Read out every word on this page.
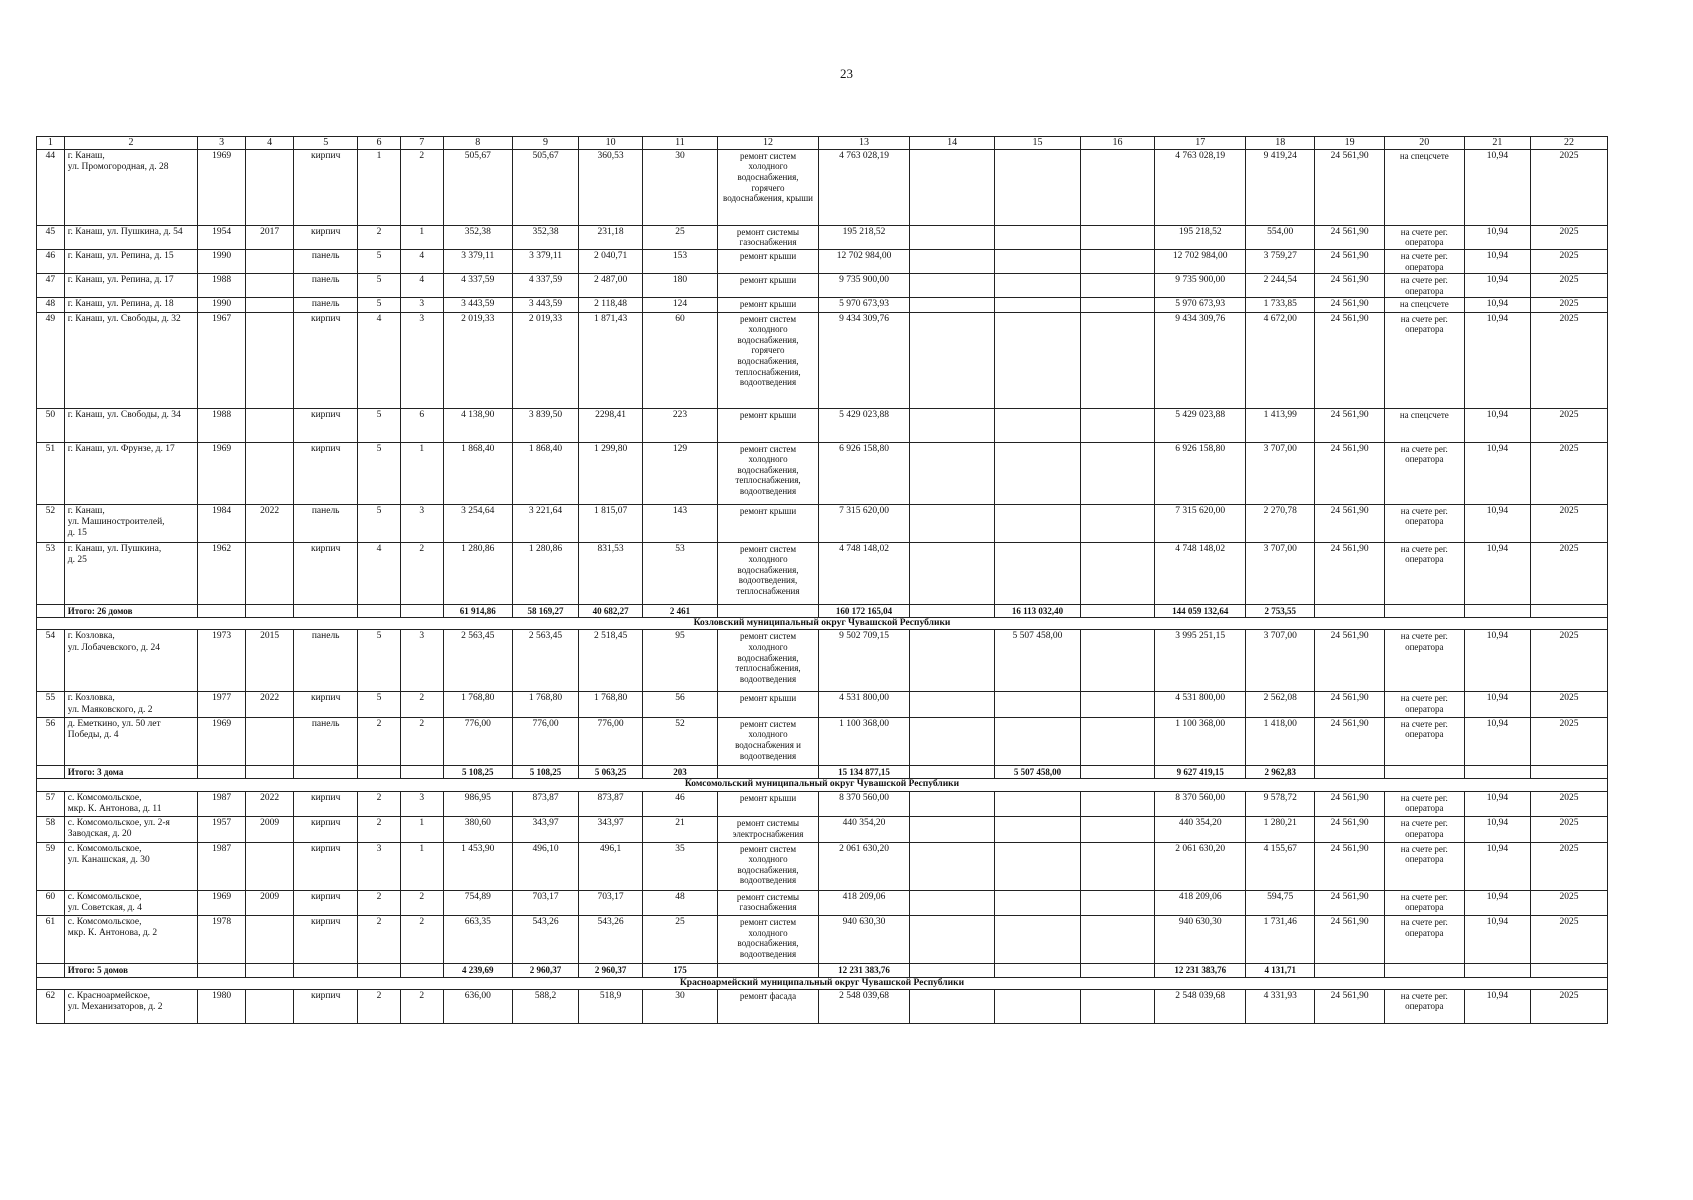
23
1	2	3	4	5	6	7	8	9	10	11	12	13	14	15	16	17	18	19	20	21	22
44	г. Канаш,
ул. Промогородная, д. 28	1969		кирпич	1	2	505,67	505,67	360,53	30	ремонт систем холодного водоснабжения, горячего водоснабжения, крыши	4 763 028,19				4 763 028,19	9 419,24	24 561,90	на спецсчете	10,94	2025
45	г. Канаш, ул. Пушкина, д. 54	1954	2017	кирпич	2	1	352,38	352,38	231,18	25	ремонт системы газоснабжения	195 218,52				195 218,52	554,00	24 561,90	на счете рег. оператора	10,94	2025
46	г. Канаш, ул. Репина, д. 15	1990		панель	5	4	3 379,11	3 379,11	2 040,71	153	ремонт крыши	12 702 984,00				12 702 984,00	3 759,27	24 561,90	на счете рег. оператора	10,94	2025
47	г. Канаш, ул. Репина, д. 17	1988		панель	5	4	4 337,59	4 337,59	2 487,00	180	ремонт крыши	9 735 900,00				9 735 900,00	2 244,54	24 561,90	на счете рег. оператора	10,94	2025
48	г. Канаш, ул. Репина, д. 18	1990		панель	5	3	3 443,59	3 443,59	2 118,48	124	ремонт крыши	5 970 673,93				5 970 673,93	1 733,85	24 561,90	на спецсчете	10,94	2025
49	г. Канаш, ул. Свободы, д. 32	1967		кирпич	4	3	2 019,33	2 019,33	1 871,43	60	ремонт систем холодного водоснабжения, горячего водоснабжения, теплоснабжения, водоотведения	9 434 309,76				9 434 309,76	4 672,00	24 561,90	на счете рег. оператора	10,94	2025
50	г. Канаш, ул. Свободы, д. 34	1988		кирпич	5	6	4 138,90	3 839,50	2298,41	223	ремонт крыши	5 429 023,88				5 429 023,88	1 413,99	24 561,90	на спецсчете	10,94	2025
51	г. Канаш, ул. Фрунзе, д. 17	1969		кирпич	5	1	1 868,40	1 868,40	1 299,80	129	ремонт систем холодного водоснабжения, теплоснабжения, водоотведения	6 926 158,80				6 926 158,80	3 707,00	24 561,90	на счете рег. оператора	10,94	2025
52	г. Канаш,
ул. Машиностроителей,
д. 15	1984	2022	панель	5	3	3 254,64	3 221,64	1 815,07	143	ремонт крыши	7 315 620,00				7 315 620,00	2 270,78	24 561,90	на счете рег. оператора	10,94	2025
53	г. Канаш, ул. Пушкина,
д. 25	1962		кирпич	4	2	1 280,86	1 280,86	831,53	53	ремонт систем холодного водоснабжения, водоотведения, теплоснабжения	4 748 148,02				4 748 148,02	3 707,00	24 561,90	на счете рег. оператора	10,94	2025
	Итого: 26 домов						61 914,86	58 169,27	40 682,27	2 461		160 172 165,04		16 113 032,40		144 059 132,64	2 753,55				
Козловский муниципальный округ Чувашской Республики																					
54	г. Козловка,
ул. Лобачевского, д. 24	1973	2015	панель	5	3	2 563,45	2 563,45	2 518,45	95	ремонт систем холодного водоснабжения, теплоснабжения, водоотведения	9 502 709,15		5 507 458,00		3 995 251,15	3 707,00	24 561,90	на счете рег. оператора	10,94	2025
55	г. Козловка,
ул. Маяковского, д. 2	1977	2022	кирпич	5	2	1 768,80	1 768,80	1 768,80	56	ремонт крыши	4 531 800,00				4 531 800,00	2 562,08	24 561,90	на счете рег. оператора	10,94	2025
56	д. Еметкино, ул. 50 лет Победы, д. 4	1969		панель	2	2	776,00	776,00	776,00	52	ремонт систем холодного водоснабжения и водоотведения	1 100 368,00				1 100 368,00	1 418,00	24 561,90	на счете рег. оператора	10,94	2025
	Итого: 3 дома						5 108,25	5 108,25	5 063,25	203		15 134 877,15		5 507 458,00		9 627 419,15	2 962,83				
Комсомольский муниципальный округ Чувашской Республики																					
57	с. Комсомольское,
мкр. К. Антонова, д. 11	1987	2022	кирпич	2	3	986,95	873,87	873,87	46	ремонт крыши	8 370 560,00				8 370 560,00	9 578,72	24 561,90	на счете рег. оператора	10,94	2025
58	с. Комсомольское, ул. 2-я Заводская, д. 20	1957	2009	кирпич	2	1	380,60	343,97	343,97	21	ремонт системы электроснабжения	440 354,20				440 354,20	1 280,21	24 561,90	на счете рег. оператора	10,94	2025
59	с. Комсомольское,
ул. Канашская, д. 30	1987		кирпич	3	1	1 453,90	496,10	496,1	35	ремонт систем холодного водоснабжения, водоотведения	2 061 630,20				2 061 630,20	4 155,67	24 561,90	на счете рег. оператора	10,94	2025
60	с. Комсомольское,
ул. Советская, д. 4	1969	2009	кирпич	2	2	754,89	703,17	703,17	48	ремонт системы газоснабжения	418 209,06				418 209,06	594,75	24 561,90	на счете рег. оператора	10,94	2025
61	с. Комсомольское,
мкр. К. Антонова, д. 2	1978		кирпич	2	2	663,35	543,26	543,26	25	ремонт систем холодного водоснабжения, водоотведения	940 630,30				940 630,30	1 731,46	24 561,90	на счете рег. оператора	10,94	2025
	Итого: 5 домов						4 239,69	2 960,37	2 960,37	175		12 231 383,76				12 231 383,76	4 131,71				
Красноармейский муниципальный округ Чувашской Республики																					
62	с. Красноармейское,
ул. Механизаторов, д. 2	1980		кирпич	2	2	636,00	588,2	518,9	30	ремонт фасада	2 548 039,68				2 548 039,68	4 331,93	24 561,90	на счете рег. оператора	10,94	2025
